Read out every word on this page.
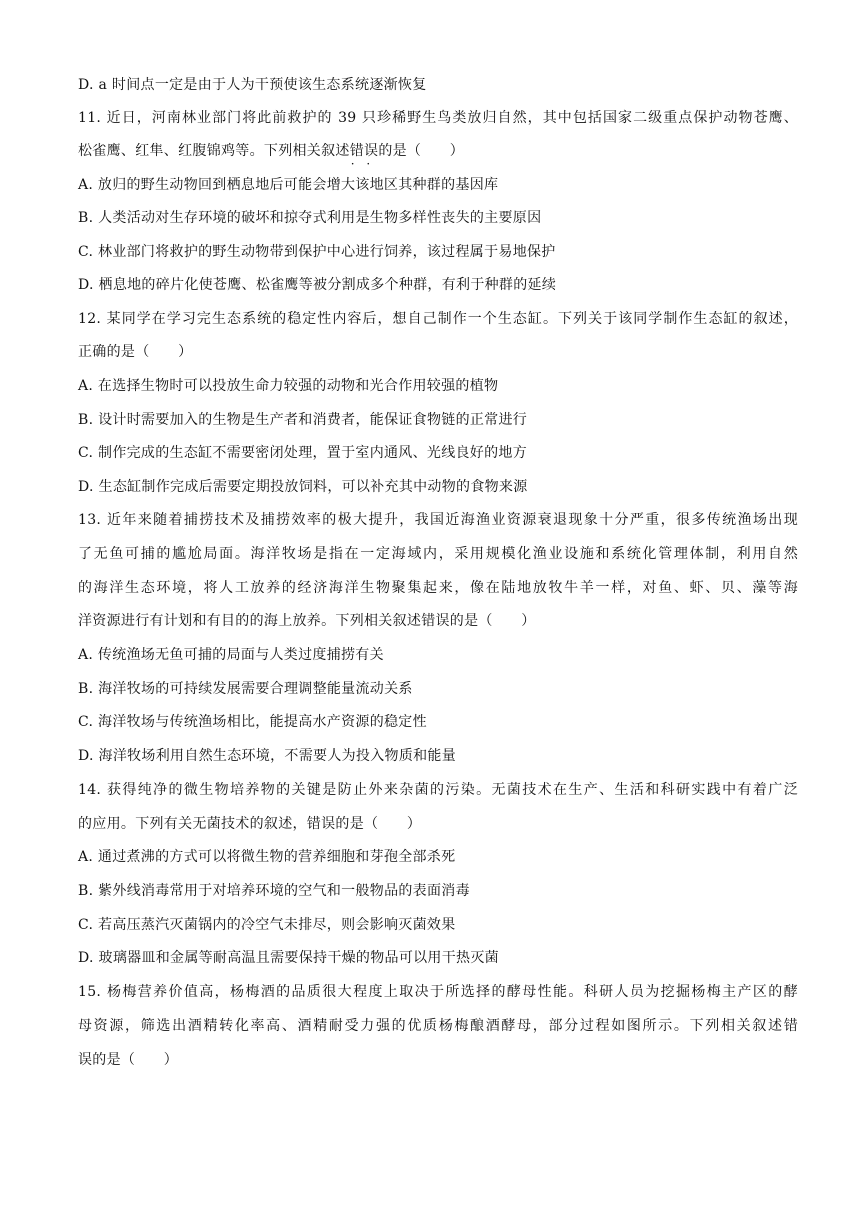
D. a 时间点一定是由于人为干预使该生态系统逐渐恢复
11. 近日，河南林业部门将此前救护的 39 只珍稀野生鸟类放归自然，其中包括国家二级重点保护动物苍鹰、
松雀鹰、红隼、红腹锦鸡等。下列相关叙述错误 · ·的是（　　）
A. 放归的野生动物回到栖息地后可能会增大该地区其种群的基因库
B. 人类活动对生存环境的破坏和掠夺式利用是生物多样性丧失的主要原因
C. 林业部门将救护的野生动物带到保护中心进行饲养，该过程属于易地保护
D. 栖息地的碎片化使苍鹰、松雀鹰等被分割成多个种群，有利于种群的延续
12. 某同学在学习完生态系统的稳定性内容后，想自己制作一个生态缸。下列关于该同学制作生态缸的叙述，
正确的是（　　）
A. 在选择生物时可以投放生命力较强的动物和光合作用较强的植物
B. 设计时需要加入的生物是生产者和消费者，能保证食物链的正常进行
C. 制作完成的生态缸不需要密闭处理，置于室内通风、光线良好的地方
D. 生态缸制作完成后需要定期投放饲料，可以补充其中动物的食物来源
13. 近年来随着捕捞技术及捕捞效率的极大提升，我国近海渔业资源衰退现象十分严重，很多传统渔场出现
了无鱼可捕的尴尬局面。海洋牧场是指在一定海域内，采用规模化渔业设施和系统化管理体制，利用自然
的海洋生态环境，将人工放养的经济海洋生物聚集起来，像在陆地放牧牛羊一样，对鱼、虾、贝、藻等海
洋资源进行有计划和有目的的海上放养。下列相关叙述错误的是（　　）
A. 传统渔场无鱼可捕的局面与人类过度捕捞有关
B. 海洋牧场的可持续发展需要合理调整能量流动关系
C. 海洋牧场与传统渔场相比，能提高水产资源的稳定性
D. 海洋牧场利用自然生态环境，不需要人为投入物质和能量
14. 获得纯净的微生物培养物的关键是防止外来杂菌的污染。无菌技术在生产、生活和科研实践中有着广泛
的应用。下列有关无菌技术的叙述，错误的是（　　）
A. 通过煮沸的方式可以将微生物的营养细胞和芽孢全部杀死
B. 紫外线消毒常用于对培养环境的空气和一般物品的表面消毒
C. 若高压蒸汽灭菌锅内的冷空气未排尽，则会影响灭菌效果
D. 玻璃器皿和金属等耐高温且需要保持干燥的物品可以用干热灭菌
15. 杨梅营养价值高，杨梅酒的品质很大程度上取决于所选择的酵母性能。科研人员为挖掘杨梅主产区的酵
母资源，筛选出酒精转化率高、酒精耐受力强的优质杨梅酿酒酵母，部分过程如图所示。下列相关叙述错
误的是（　　）
